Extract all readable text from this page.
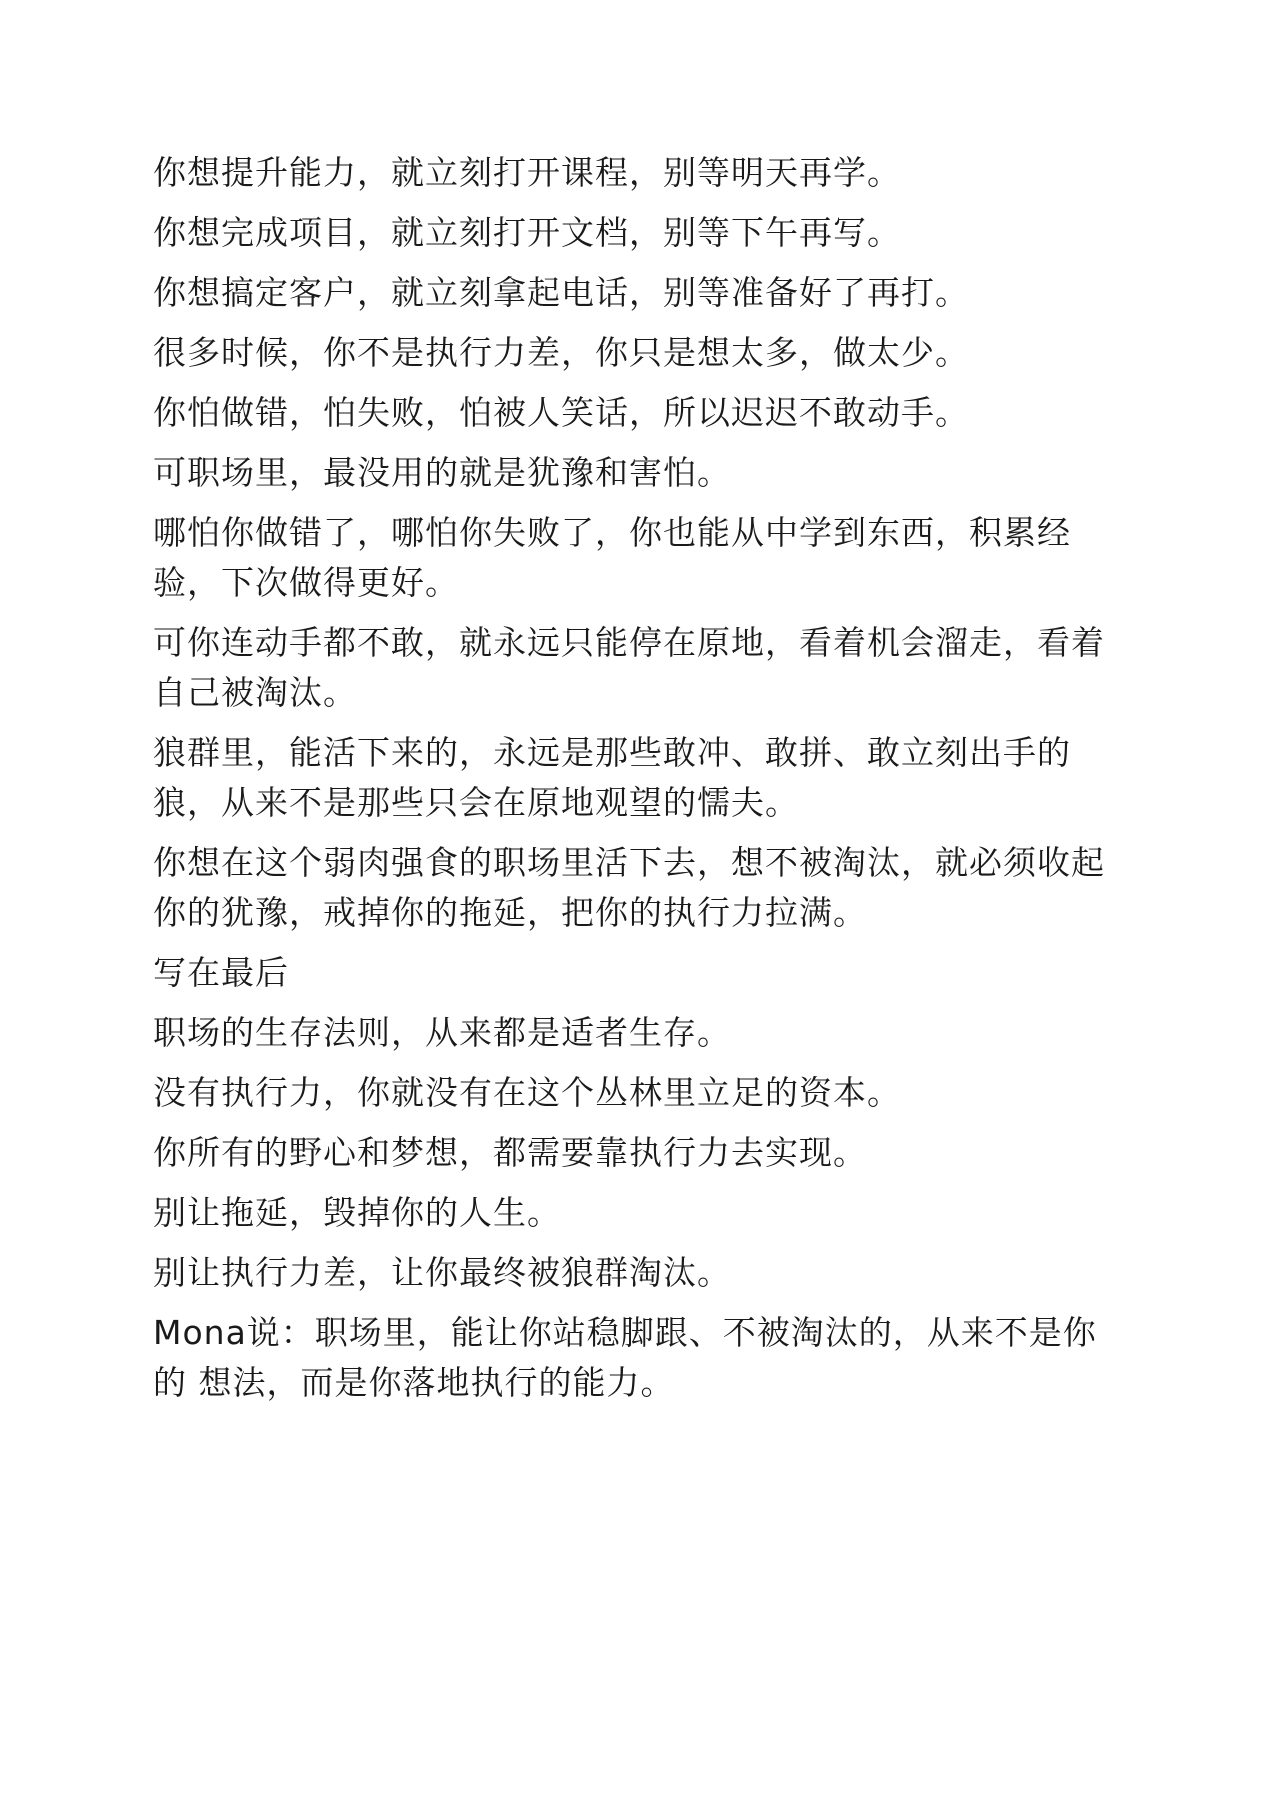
你想提升能力，就立刻打开课程，别等明天再学。

你想完成项目，就立刻打开文档，别等下午再写。

你想搞定客户，就立刻拿起电话，别等准备好了再打。

很多时候，你不是执行力差，你只是想太多，做太少。

你怕做错，怕失败，怕被人笑话，所以迟迟不敢动手。

可职场里，最没用的就是犹豫和害怕。

哪怕你做错了，哪怕你失败了，你也能从中学到东西，积累经验，下次做得更好。

可你连动手都不敢，就永远只能停在原地，看着机会溜走，看着自己被淘汰。

狼群里，能活下来的，永远是那些敢冲、敢拼、敢立刻出手的狼，从来不是那些只会在原地观望的懦夫。

你想在这个弱肉强食的职场里活下去，想不被淘汰，就必须收起你的犹豫，戒掉你的拖延，把你的执行力拉满。

写在最后

职场的生存法则，从来都是适者生存。

没有执行力，你就没有在这个丛林里立足的资本。

你所有的野心和梦想，都需要靠执行力去实现。

别让拖延，毁掉你的人生。

别让执行力差，让你最终被狼群淘汰。

Mona说：职场里，能让你站稳脚跟、不被淘汰的，从来不是你的 想法，而是你落地执行的能力。
